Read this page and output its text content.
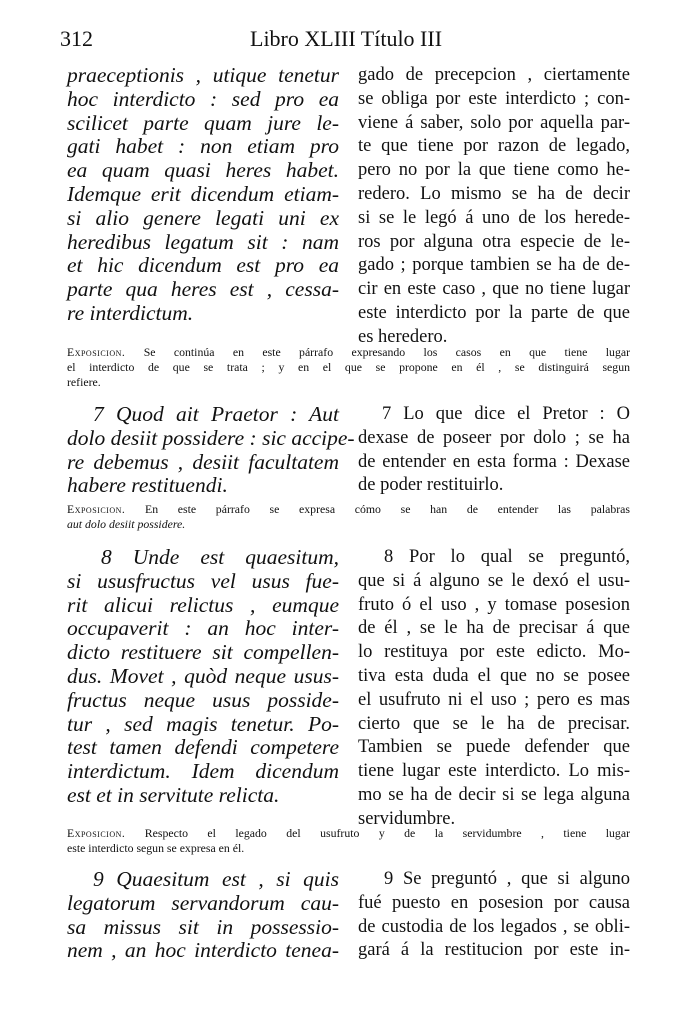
312	Libro XLIII Título III
praeceptionis , utique tenetur
hoc interdicto : sed pro ea
scilicet parte quam jure le-
gati habet : non etiam pro
ea quam quasi heres habet.
Idemque erit dicendum etiam-
si alio genere legati uni ex
heredibus legatum sit : nam
et hic dicendum est pro ea
parte qua heres est , cessa-
re interdictum.
gado de precepcion , ciertamente
se obliga por este interdicto ; con-
viene á saber, solo por aquella par-
te que tiene por razon de legado,
pero no por la que tiene como he-
redero. Lo mismo se ha de decir
si se le legó á uno de los herede-
ros por alguna otra especie de le-
gado ; porque tambien se ha de de-
cir en este caso , que no tiene lugar
este interdicto por la parte de que
es heredero.
Exposicion. Se continúa en este párrafo expresando los casos en que tiene lugar
el interdicto de que se trata ; y en el que se propone en él , se distinguirá segun
refiere.
7 Quod ait Praetor : Aut
dolo desiit possidere : sic accipe-
re debemus , desiit facultatem
habere restituendi.
7 Lo que dice el Pretor : O
dexase de poseer por dolo ; se ha
de entender en esta forma : Dexase
de poder restituirlo.
Exposicion. En este párrafo se expresa cómo se han de entender las palabras
aut dolo desiit possidere.
8 Unde est quaesitum,
si ususfructus vel usus fue-
rit alicui relictus , eumque
occupaverit : an hoc inter-
dicto restituere sit compellen-
dus. Movet , quòd neque usus-
fructus neque usus posside-
tur , sed magis tenetur. Po-
test tamen defendi competere
interdictum. Idem dicendum
est et in servitute relicta.
8 Por lo qual se preguntó,
que si á alguno se le dexó el usu-
fruto ó el uso , y tomase posesion
de él , se le ha de precisar á que
lo restituya por este edicto. Mo-
tiva esta duda el que no se posee
el usufruto ni el uso ; pero es mas
cierto que se le ha de precisar.
Tambien se puede defender que
tiene lugar este interdicto. Lo mis-
mo se ha de decir si se lega alguna
servidumbre.
Exposicion. Respecto el legado del usufruto y de la servidumbre , tiene lugar
este interdicto segun se expresa en él.
9 Quaesitum est , si quis
legatorum servandorum cau-
sa missus sit in possessio-
nem , an hoc interdicto tenea-
9 Se preguntó , que si alguno
fué puesto en posesion por causa
de custodia de los legados , se obli-
gará á la restitucion por este in-
